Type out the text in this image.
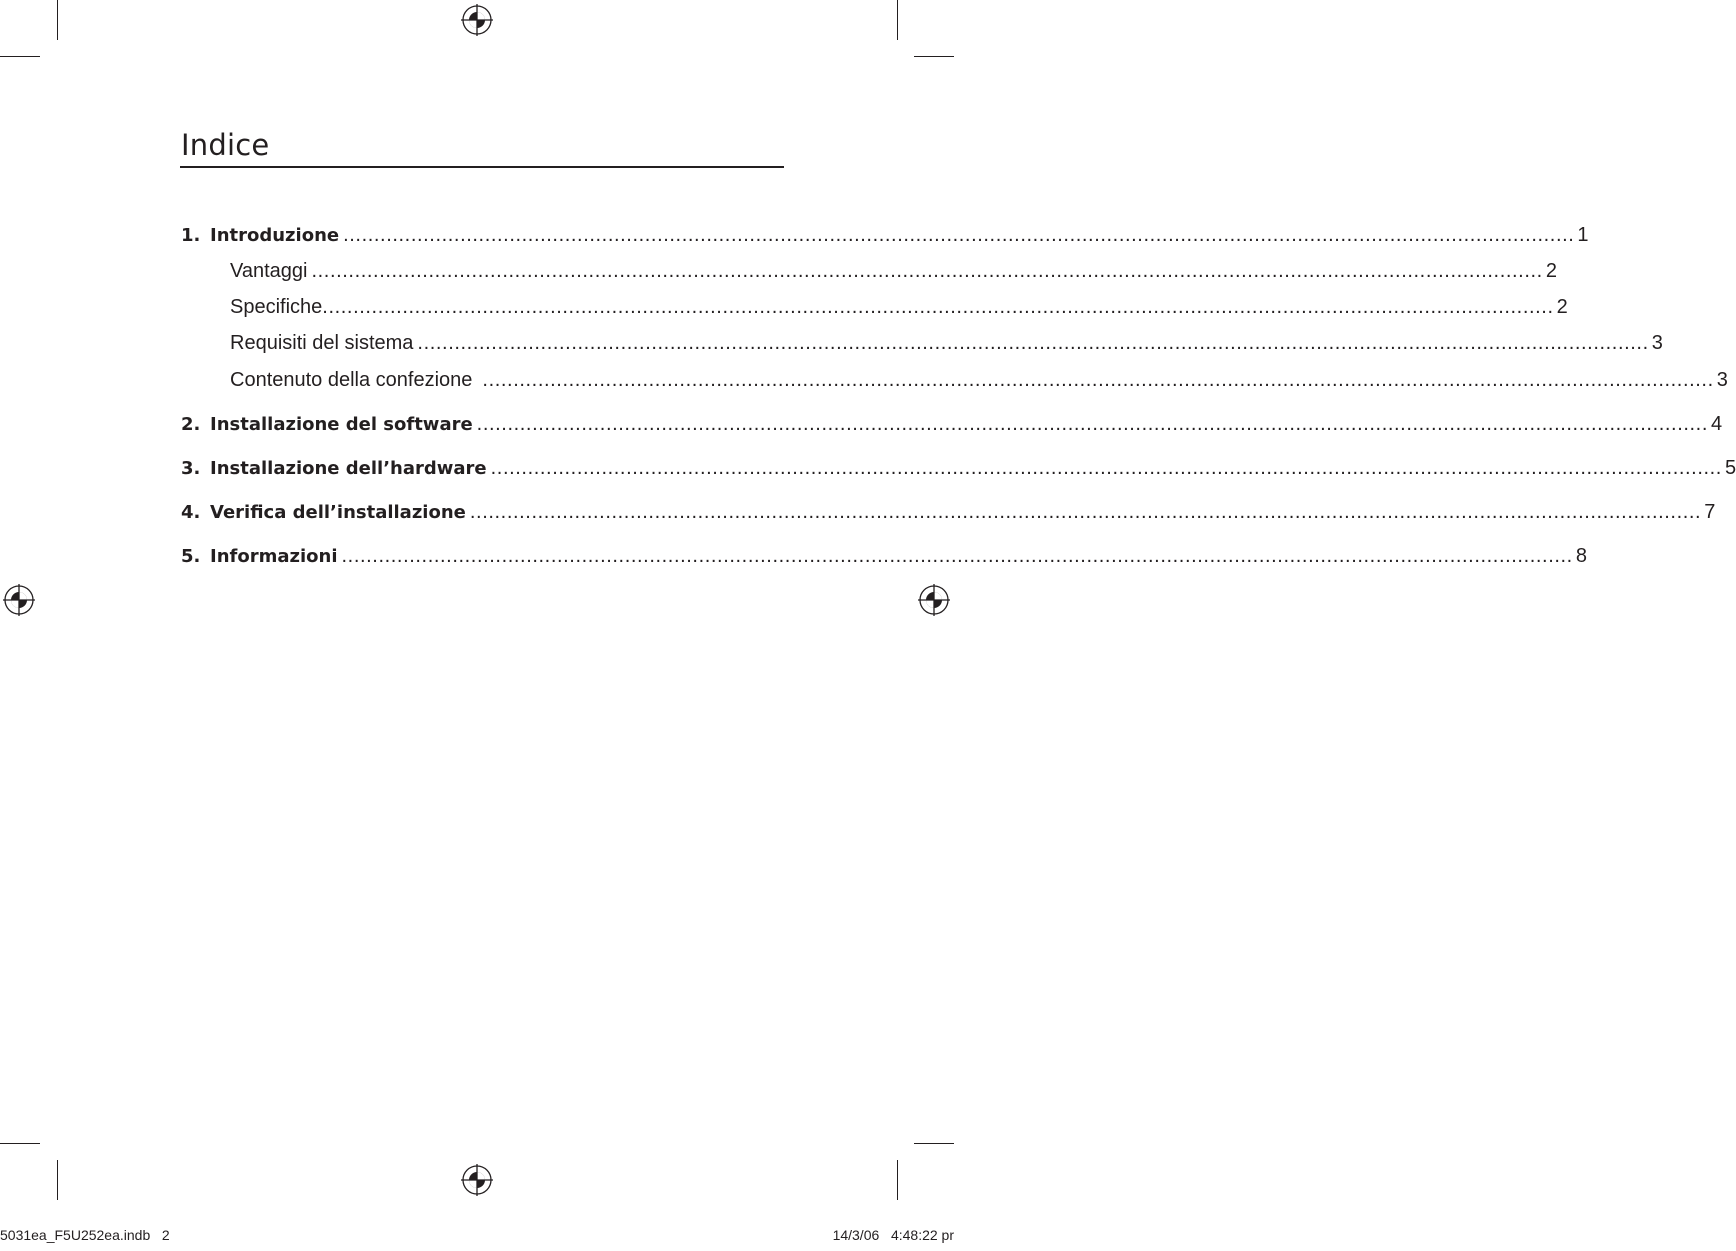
Indice
1. Introduzione ........................................................................................................................................................................................................ 1
Vantaggi ........................................................................................................................................................................................................ 2
Specifiche ........................................................................................................................................................................................................ 2
Requisiti del sistema ........................................................................................................................................................................................................ 3
Contenuto della confezione ........................................................................................................................................................................................................ 3
2. Installazione del software ........................................................................................................................................................................................................ 4
3. Installazione dell’hardware ........................................................................................................................................................................................................ 5
4. Verifica dell’installazione ........................................................................................................................................................................................................ 7
5. Informazioni ........................................................................................................................................................................................................ 8
5031ea_F5U252ea.indb   2	14/3/06   4:48:22 pr
